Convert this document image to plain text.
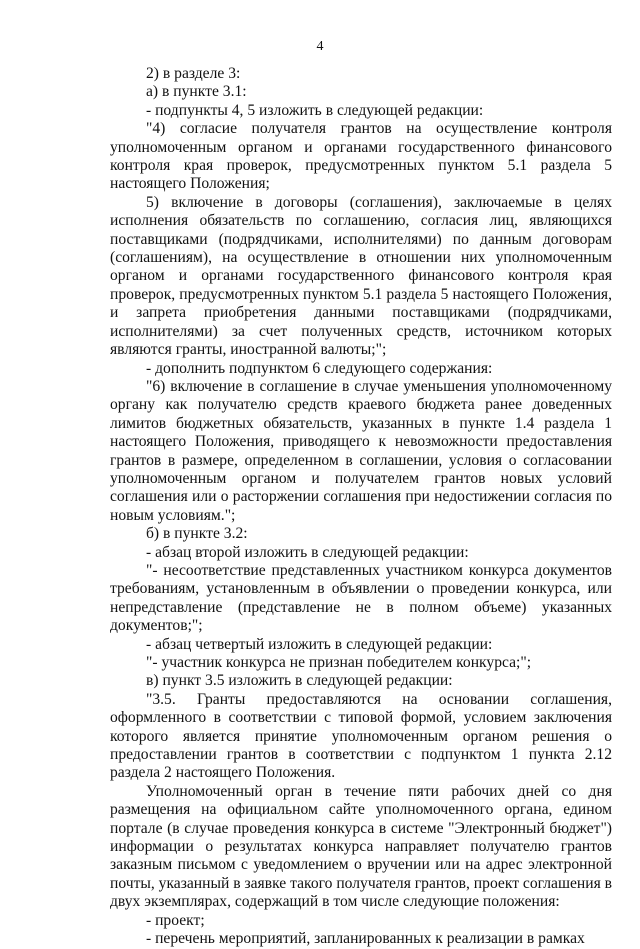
4

2) в разделе 3:

а) в пункте 3.1:

- подпункты 4, 5 изложить в следующей редакции:

"4) согласие получателя грантов на осуществление контроля уполномоченным органом и органами государственного финансового контроля края проверок, предусмотренных пунктом 5.1 раздела 5 настоящего Положения;

5) включение в договоры (соглашения), заключаемые в целях исполнения обязательств по соглашению, согласия лиц, являющихся поставщиками (подрядчиками, исполнителями) по данным договорам (соглашениям), на осуществление в отношении них уполномоченным органом и органами государственного финансового контроля края проверок, предусмотренных пунктом 5.1 раздела 5 настоящего Положения, и запрета приобретения данными поставщиками (подрядчиками, исполнителями) за счет полученных средств, источником которых являются гранты, иностранной валюты;";

- дополнить подпунктом 6 следующего содержания:

"6) включение в соглашение в случае уменьшения уполномоченному органу как получателю средств краевого бюджета ранее доведенных лимитов бюджетных обязательств, указанных в пункте 1.4 раздела 1 настоящего Положения, приводящего к невозможности предоставления грантов в размере, определенном в соглашении, условия о согласовании уполномоченным органом и получателем грантов новых условий соглашения или о расторжении соглашения при недостижении согласия по новым условиям.";

б) в пункте 3.2:

- абзац второй изложить в следующей редакции:

"- несоответствие представленных участником конкурса документов требованиям, установленным в объявлении о проведении конкурса, или непредставление (представление не в полном объеме) указанных документов;";

- абзац четвертый изложить в следующей редакции:

"- участник конкурса не признан победителем конкурса;";

в) пункт 3.5 изложить в следующей редакции:

"3.5. Гранты предоставляются на основании соглашения, оформленного в соответствии с типовой формой, условием заключения которого является принятие уполномоченным органом решения о предоставлении грантов в соответствии с подпунктом 1 пункта 2.12 раздела 2 настоящего Положения.

Уполномоченный орган в течение пяти рабочих дней со дня размещения на официальном сайте уполномоченного органа, едином портале (в случае проведения конкурса в системе "Электронный бюджет") информации о результатах конкурса направляет получателю грантов заказным письмом с уведомлением о вручении или на адрес электронной почты, указанный в заявке такого получателя грантов, проект соглашения в двух экземплярах, содержащий в том числе следующие положения:

- проект;

- перечень мероприятий, запланированных к реализации в рамках
